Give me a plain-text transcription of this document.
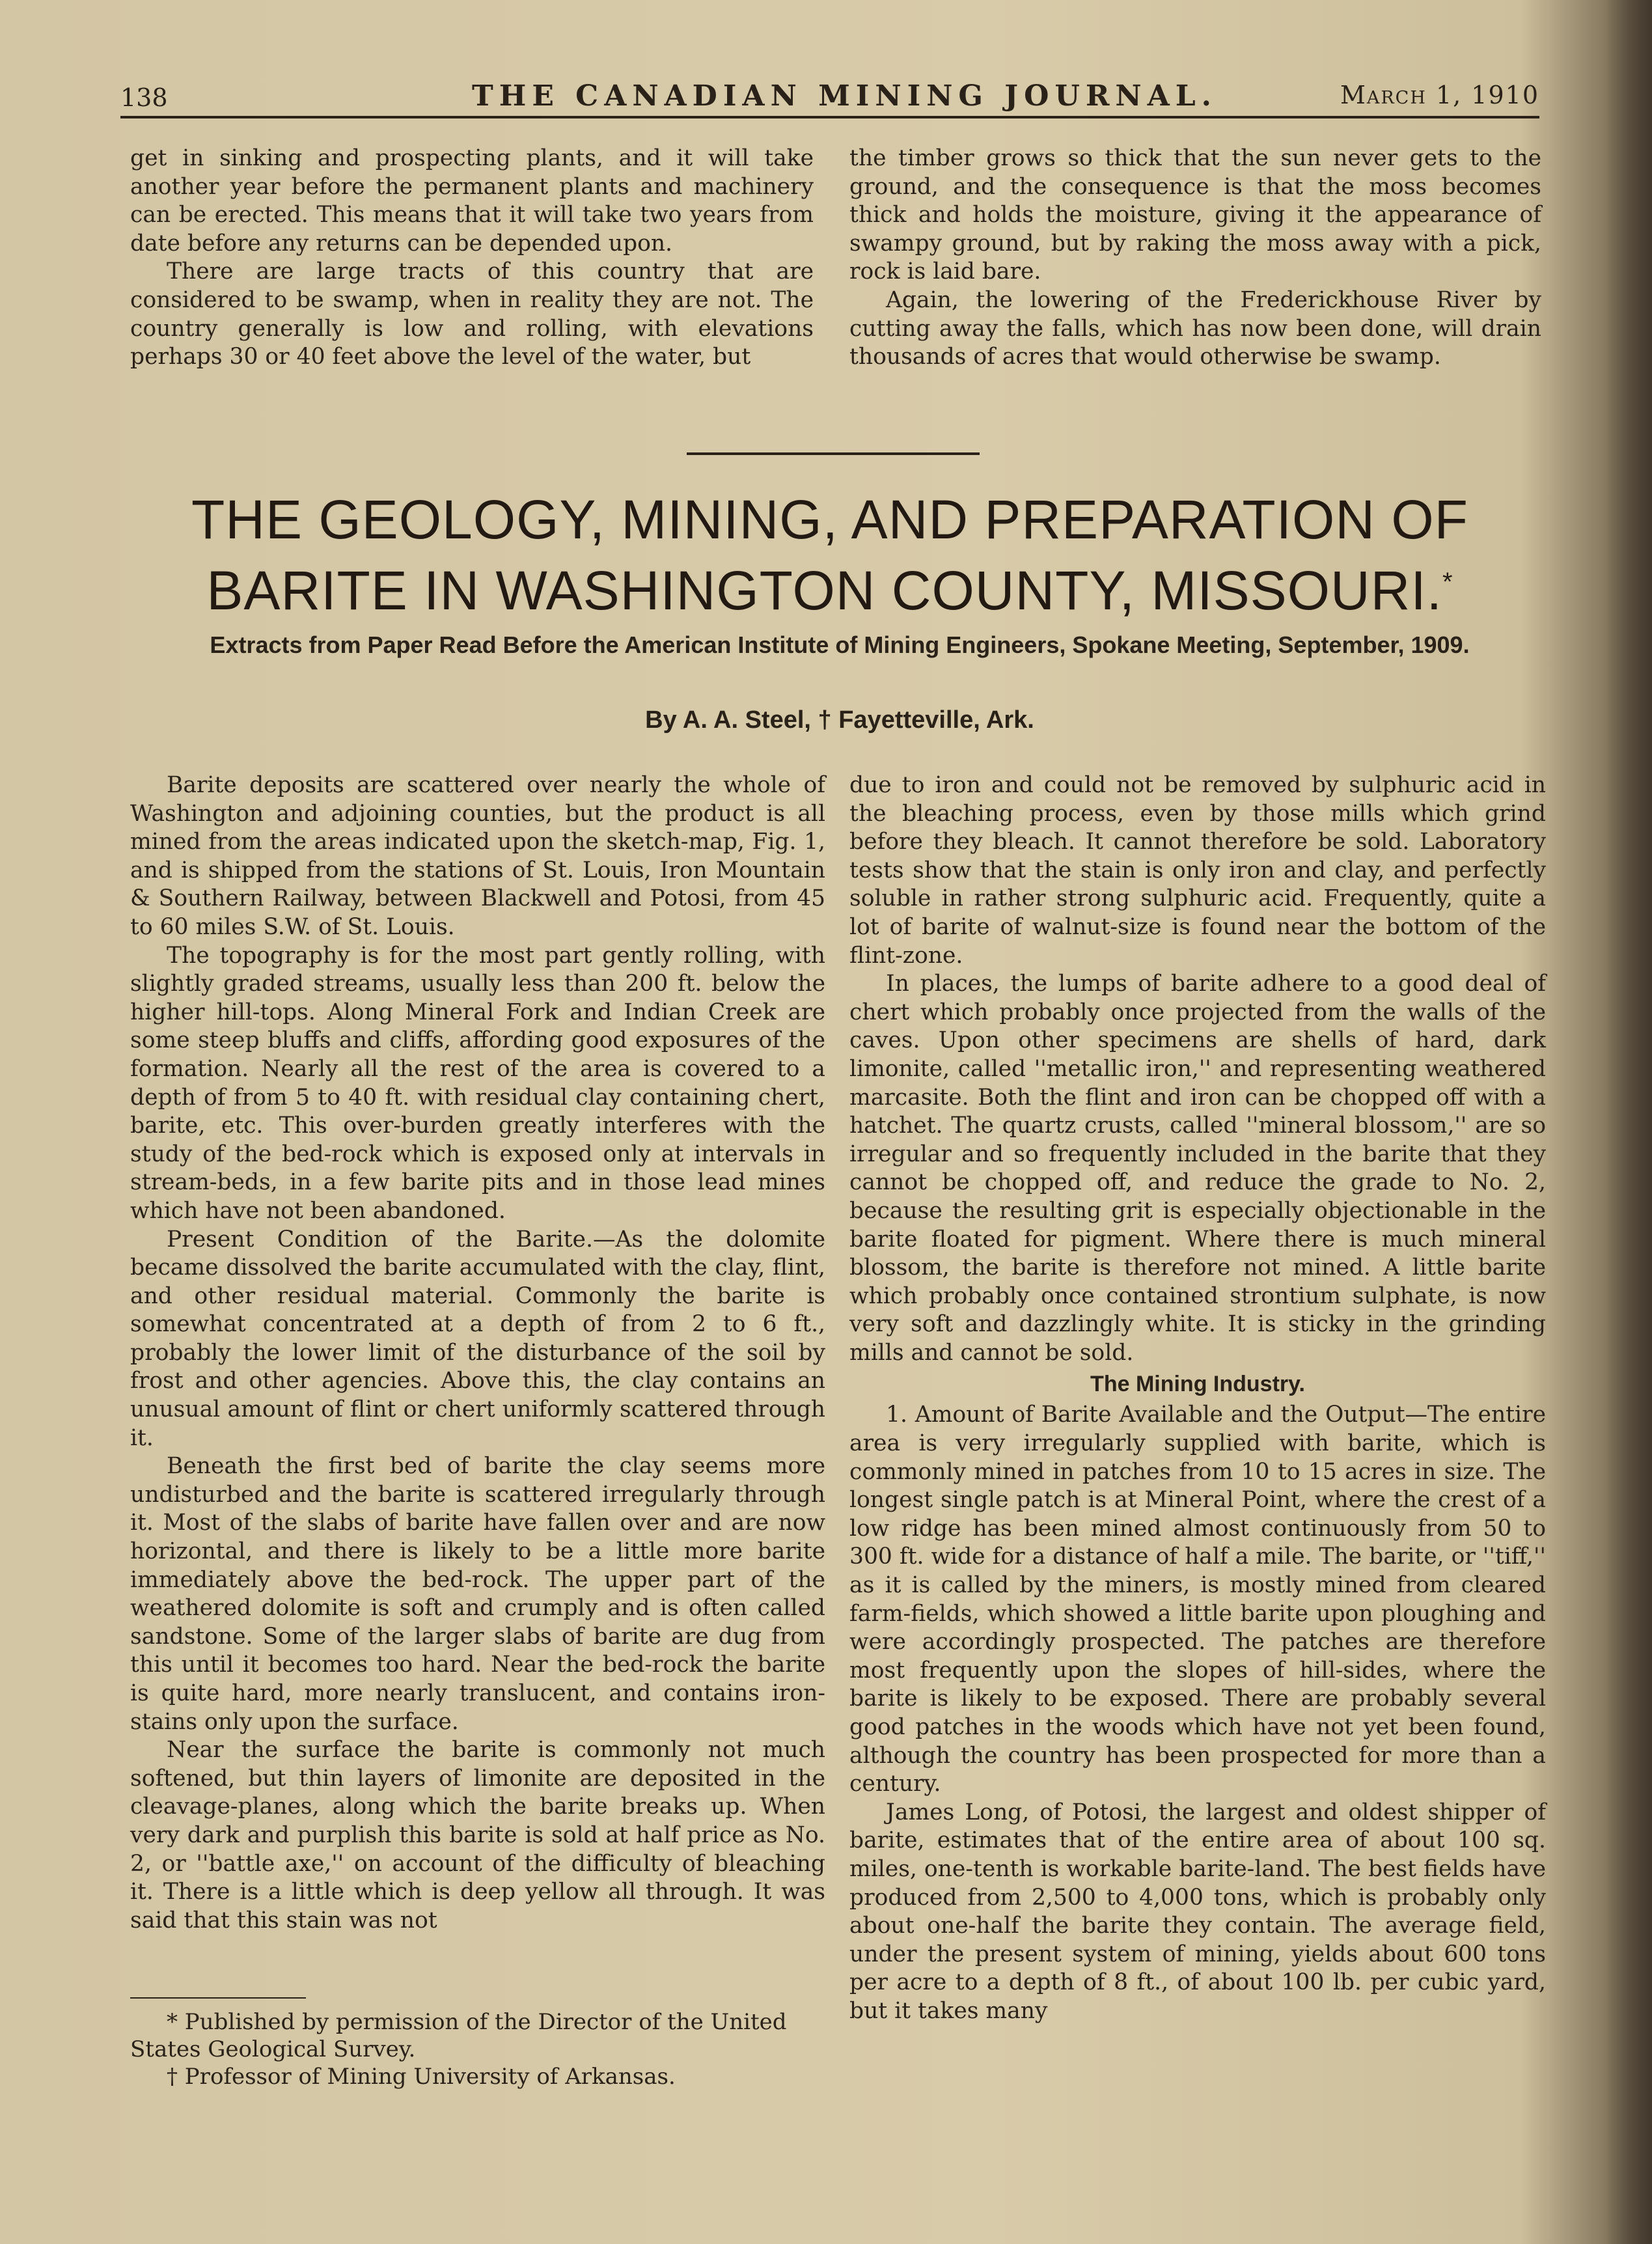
138	THE CANADIAN MINING JOURNAL.	March 1, 1910

get in sinking and prospecting plants, and it will take another year before the permanent plants and machinery can be erected. This means that it will take two years from date before any returns can be depended upon.

There are large tracts of this country that are considered to be swamp, when in reality they are not. The country generally is low and rolling, with elevations perhaps 30 or 40 feet above the level of the water, but

the timber grows so thick that the sun never gets to the ground, and the consequence is that the moss becomes thick and holds the moisture, giving it the appearance of swampy ground, but by raking the moss away with a pick, rock is laid bare.

Again, the lowering of the Frederickhouse River by cutting away the falls, which has now been done, will drain thousands of acres that would otherwise be swamp.

THE GEOLOGY, MINING, AND PREPARATION OF
BARITE IN WASHINGTON COUNTY, MISSOURI.*
Extracts from Paper Read Before the American Institute of Mining Engineers, Spokane Meeting, September, 1909.
By A. A. Steel, † Fayetteville, Ark.

Barite deposits are scattered over nearly the whole of Washington and adjoining counties, but the product is all mined from the areas indicated upon the sketch-map, Fig. 1, and is shipped from the stations of St. Louis, Iron Mountain & Southern Railway, between Blackwell and Potosi, from 45 to 60 miles S.W. of St. Louis.

The topography is for the most part gently rolling, with slightly graded streams, usually less than 200 ft. below the higher hill-tops. Along Mineral Fork and Indian Creek are some steep bluffs and cliffs, affording good exposures of the formation. Nearly all the rest of the area is covered to a depth of from 5 to 40 ft. with residual clay containing chert, barite, etc. This over-burden greatly interferes with the study of the bed-rock which is exposed only at intervals in stream-beds, in a few barite pits and in those lead mines which have not been abandoned.

Present Condition of the Barite.—As the dolomite became dissolved the barite accumulated with the clay, flint, and other residual material. Commonly the barite is somewhat concentrated at a depth of from 2 to 6 ft., probably the lower limit of the disturbance of the soil by frost and other agencies. Above this, the clay contains an unusual amount of flint or chert uniformly scattered through it.

Beneath the first bed of barite the clay seems more undisturbed and the barite is scattered irregularly through it. Most of the slabs of barite have fallen over and are now horizontal, and there is likely to be a little more barite immediately above the bed-rock. The upper part of the weathered dolomite is soft and crumply and is often called sandstone. Some of the larger slabs of barite are dug from this until it becomes too hard. Near the bed-rock the barite is quite hard, more nearly translucent, and contains iron-stains only upon the surface.

Near the surface the barite is commonly not much softened, but thin layers of limonite are deposited in the cleavage-planes, along which the barite breaks up. When very dark and purplish this barite is sold at half price as No. 2, or ''battle axe,'' on account of the difficulty of bleaching it. There is a little which is deep yellow all through. It was said that this stain was not

* Published by permission of the Director of the United States Geological Survey.

† Professor of Mining University of Arkansas.

due to iron and could not be removed by sulphuric acid in the bleaching process, even by those mills which grind before they bleach. It cannot therefore be sold. Laboratory tests show that the stain is only iron and clay, and perfectly soluble in rather strong sulphuric acid. Frequently, quite a lot of barite of walnut-size is found near the bottom of the flint-zone.

In places, the lumps of barite adhere to a good deal of chert which probably once projected from the walls of the caves. Upon other specimens are shells of hard, dark limonite, called ''metallic iron,'' and representing weathered marcasite. Both the flint and iron can be chopped off with a hatchet. The quartz crusts, called ''mineral blossom,'' are so irregular and so frequently included in the barite that they cannot be chopped off, and reduce the grade to No. 2, because the resulting grit is especially objectionable in the barite floated for pigment. Where there is much mineral blossom, the barite is therefore not mined. A little barite which probably once contained strontium sulphate, is now very soft and dazzlingly white. It is sticky in the grinding mills and cannot be sold.

The Mining Industry.

1. Amount of Barite Available and the Output—The entire area is very irregularly supplied with barite, which is commonly mined in patches from 10 to 15 acres in size. The longest single patch is at Mineral Point, where the crest of a low ridge has been mined almost continuously from 50 to 300 ft. wide for a distance of half a mile. The barite, or ''tiff,'' as it is called by the miners, is mostly mined from cleared farm-fields, which showed a little barite upon ploughing and were accordingly prospected. The patches are therefore most frequently upon the slopes of hill-sides, where the barite is likely to be exposed. There are probably several good patches in the woods which have not yet been found, although the country has been prospected for more than a century.

James Long, of Potosi, the largest and oldest shipper of barite, estimates that of the entire area of about 100 sq. miles, one-tenth is workable barite-land. The best fields have produced from 2,500 to 4,000 tons, which is probably only about one-half the barite they contain. The average field, under the present system of mining, yields about 600 tons per acre to a depth of 8 ft., of about 100 lb. per cubic yard, but it takes many
